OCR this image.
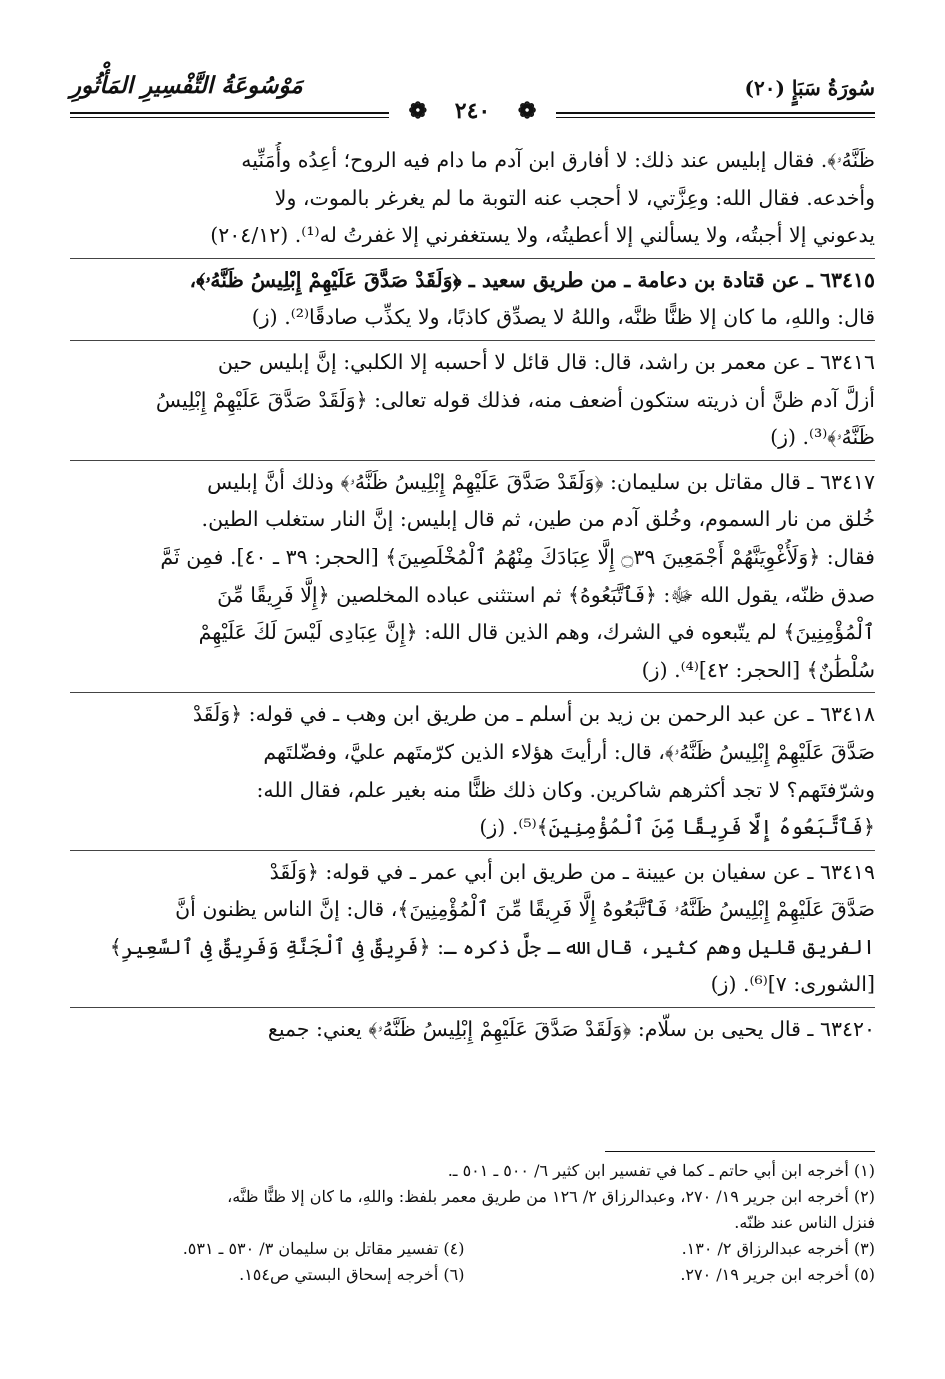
سُورَةُ سَبَإٍ (٢٠)
مَوْسُوعَةُ التَّفْسِيرِ المَأْثُورِ
❁ ٢٤٠ ❁
ظَنَّهُۥ﴾. فقال إبليس عند ذلك: لا أفارق ابن آدم ما دام فيه الروح؛ أعِدُه وأُمَنِّيه
وأخدعه. فقال الله: وعِزَّتي، لا أحجب عنه التوبة ما لم يغرغر بالموت، ولا
يدعوني إلا أجبتُه، ولا يسألني إلا أعطيتُه، ولا يستغفرني إلا غفرتُ له⁽¹⁾. (٢٠٤/١٢)
٦٣٤١٥ ـ عن قتادة بن دعامة ـ من طريق سعيد ـ ﴿وَلَقَدْ صَدَّقَ عَلَيْهِمْ إِبْلِيسُ ظَنَّهُۥ﴾،
قال: واللهِ، ما كان إلا ظنًّا ظنَّه، واللهُ لا يصدِّق كاذبًا، ولا يكذِّب صادقًا⁽²⁾. (ز)
٦٣٤١٦ ـ عن معمر بن راشد، قال: قال قائل لا أحسبه إلا الكلبي: إنَّ إبليس حين
أزلَّ آدم ظنَّ أن ذريته ستكون أضعف منه، فذلك قوله تعالى: ﴿وَلَقَدْ صَدَّقَ عَلَيْهِمْ إِبْلِيسُ
ظَنَّهُۥ﴾⁽³⁾. (ز)
٦٣٤١٧ ـ قال مقاتل بن سليمان: ﴿وَلَقَدْ صَدَّقَ عَلَيْهِمْ إِبْلِيسُ ظَنَّهُۥ﴾ وذلك أنَّ إبليس
خُلق من نار السموم، وخُلق آدم من طين، ثم قال إبليس: إنَّ النار ستغلب الطين.
فقال: ﴿وَلَأُغْوِيَنَّهُمْ أَجْمَعِينَ ۝٣٩ إِلَّا عِبَادَكَ مِنْهُمُ ٱلْمُخْلَصِينَ﴾ [الحجر: ٣٩ ـ ٤٠]. فمِن ثَمَّ
صدق ظنّه، يقول الله ﷻ: ﴿فَٱتَّبَعُوهُ﴾ ثم استثنى عباده المخلصين ﴿إِلَّا فَرِيقًا مِّنَ
ٱلْمُؤْمِنِينَ﴾ لم يتّبعوه في الشرك، وهم الذين قال الله: ﴿إِنَّ عِبَادِى لَيْسَ لَكَ عَلَيْهِمْ
سُلْطَٰنٌ﴾ [الحجر: ٤٢]⁽⁴⁾. (ز)
٦٣٤١٨ ـ عن عبد الرحمن بن زيد بن أسلم ـ من طريق ابن وهب ـ في قوله: ﴿وَلَقَدْ
صَدَّقَ عَلَيْهِمْ إِبْلِيسُ ظَنَّهُۥ﴾، قال: أرأيتَ هؤلاء الذين كرّمتَهم عليَّ، وفضّلتَهم
وشرّفتَهم؟ لا تجد أكثرهم شاكرين. وكان ذلك ظنًّا منه بغير علم، فقال الله:
﴿فَٱتَّبَعُوهُ إِلَّا فَرِيقًا مِّنَ ٱلْمُؤْمِنِينَ﴾⁽⁵⁾. (ز)
٦٣٤١٩ ـ عن سفيان بن عيينة ـ من طريق ابن أبي عمر ـ في قوله: ﴿وَلَقَدْ
صَدَّقَ عَلَيْهِمْ إِبْلِيسُ ظَنَّهُۥ فَٱتَّبَعُوهُ إِلَّا فَرِيقًا مِّنَ ٱلْمُؤْمِنِينَ﴾، قال: إنَّ الناس يظنون أنَّ
الفريق قليل وهم كثير، قال الله ـ جلَّ ذكره ـ: ﴿فَرِيقٌ فِى ٱلْجَنَّةِ وَفَرِيقٌ فِى ٱلسَّعِيرِ﴾
[الشورى: ٧]⁽⁶⁾. (ز)
٦٣٤٢٠ ـ قال يحيى بن سلّام: ﴿وَلَقَدْ صَدَّقَ عَلَيْهِمْ إِبْلِيسُ ظَنَّهُۥ﴾ يعني: جميع
(١) أخرجه ابن أبي حاتم ـ كما في تفسير ابن كثير ٦/ ٥٠٠ ـ ٥٠١ ـ.
(٢) أخرجه ابن جرير ١٩/ ٢٧٠، وعبدالرزاق ٢/ ١٢٦ من طريق معمر بلفظ: واللهِ، ما كان إلا ظنًّا ظنَّه،
فنزل الناس عند ظنّه.
(٣) أخرجه عبدالرزاق ٢/ ١٣٠.
(٤) تفسير مقاتل بن سليمان ٣/ ٥٣٠ ـ ٥٣١.
(٥) أخرجه ابن جرير ١٩/ ٢٧٠.
(٦) أخرجه إسحاق البستي ص١٥٤.
